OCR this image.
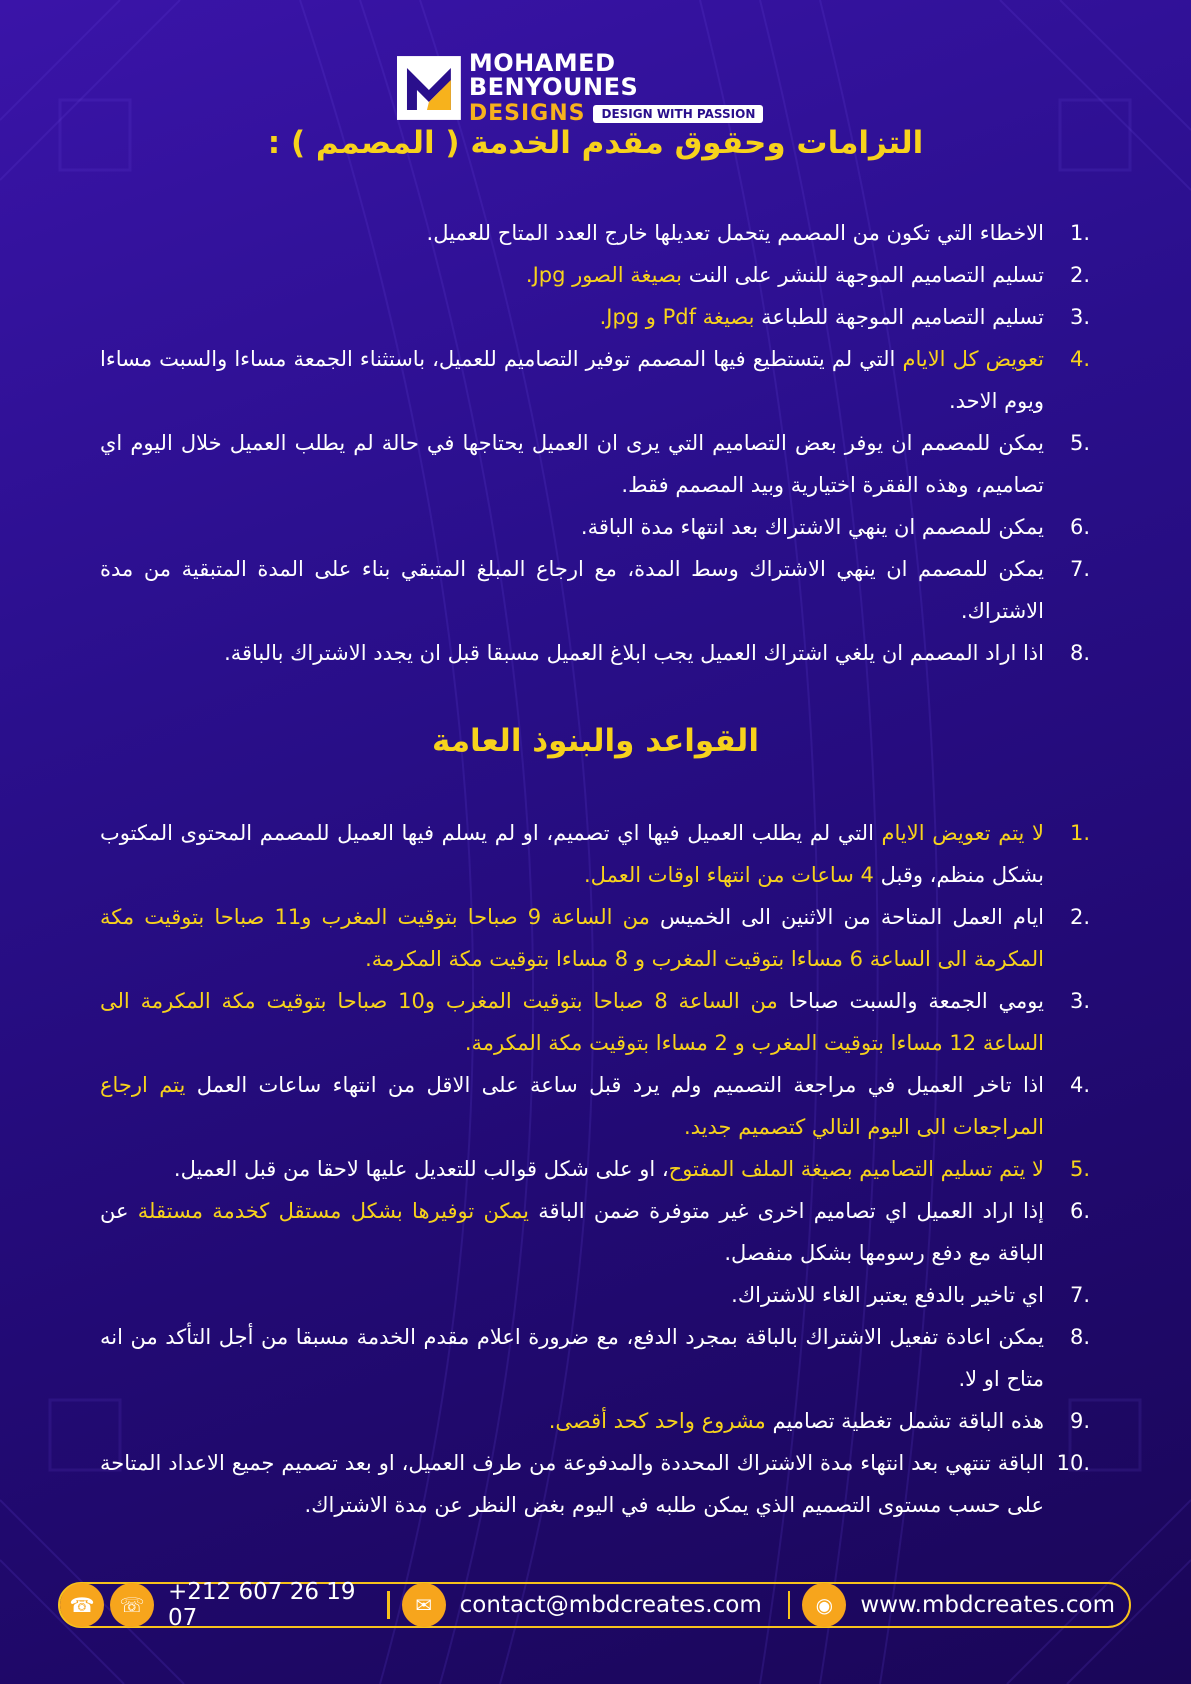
MOHAMED BENYOUNES
DESIGNS	DESIGN WITH PASSION
التزامات وحقوق مقدم الخدمة ( المصمم ) :
1.
الاخطاء التي تكون من المصمم يتحمل تعديلها خارج العدد المتاح للعميل.
2.
تسليم التصاميم الموجهة للنشر على النت بصيغة الصور Jpg.
3.
تسليم التصاميم الموجهة للطباعة بصيغة Pdf و Jpg.
4.
تعويض كل الايام التي لم يتستطيع فيها المصمم توفير التصاميم للعميل، باستثناء الجمعة مساءا والسبت مساءا ويوم الاحد.
5.
يمكن للمصمم ان يوفر بعض التصاميم التي يرى ان العميل يحتاجها في حالة لم يطلب العميل خلال اليوم اي تصاميم، وهذه الفقرة اختيارية وبيد المصمم فقط.
6.
يمكن للمصمم ان ينهي الاشتراك بعد انتهاء مدة الباقة.
7.
يمكن للمصمم ان ينهي الاشتراك وسط المدة، مع ارجاع المبلغ المتبقي بناء على المدة المتبقية من مدة الاشتراك.
8.
اذا اراد المصمم ان يلغي اشتراك العميل يجب ابلاغ العميل مسبقا قبل ان يجدد الاشتراك بالباقة.
القواعد والبنوذ العامة
1.
لا يتم تعويض الايام التي لم يطلب العميل فيها اي تصميم، او لم يسلم فيها العميل للمصمم المحتوى المكتوب بشكل منظم، وقبل 4 ساعات من انتهاء اوقات العمل.
2.
ايام العمل المتاحة من الاثنين الى الخميس من الساعة 9 صباحا بتوقيت المغرب و11 صباحا بتوقيت مكة المكرمة الى الساعة 6 مساءا بتوقيت المغرب و 8 مساءا بتوقيت مكة المكرمة.
3.
يومي الجمعة والسبت صباحا من الساعة 8 صباحا بتوقيت المغرب و10 صباحا بتوقيت مكة المكرمة الى الساعة 12 مساءا بتوقيت المغرب و 2 مساءا بتوقيت مكة المكرمة.
4.
اذا تاخر العميل في مراجعة التصميم ولم يرد قبل ساعة على الاقل من انتهاء ساعات العمل يتم ارجاع المراجعات الى اليوم التالي كتصميم جديد.
5.
لا يتم تسليم التصاميم بصيغة الملف المفتوح، او على شكل قوالب للتعديل عليها لاحقا من قبل العميل.
6.
إذا اراد العميل اي تصاميم اخرى غير متوفرة ضمن الباقة يمكن توفيرها بشكل مستقل كخدمة مستقلة عن الباقة مع دفع رسومها بشكل منفصل.
7.
اي تاخير بالدفع يعتبر الغاء للاشتراك.
8.
يمكن اعادة تفعيل الاشتراك بالباقة بمجرد الدفع، مع ضرورة اعلام مقدم الخدمة مسبقا من أجل التأكد من انه متاح او لا.
9.
هذه الباقة تشمل تغطية تصاميم مشروع واحد كحد أقصى.
10.
الباقة تنتهي بعد انتهاء مدة الاشتراك المحددة والمدفوعة من طرف العميل، او بعد تصميم جميع الاعداد المتاحة على حسب مستوى التصميم الذي يمكن طلبه في اليوم بغض النظر عن مدة الاشتراك.
☎	☏	+212 607 26 19 07	✉	contact@mbdcreates.com	◉	www.mbdcreates.com
